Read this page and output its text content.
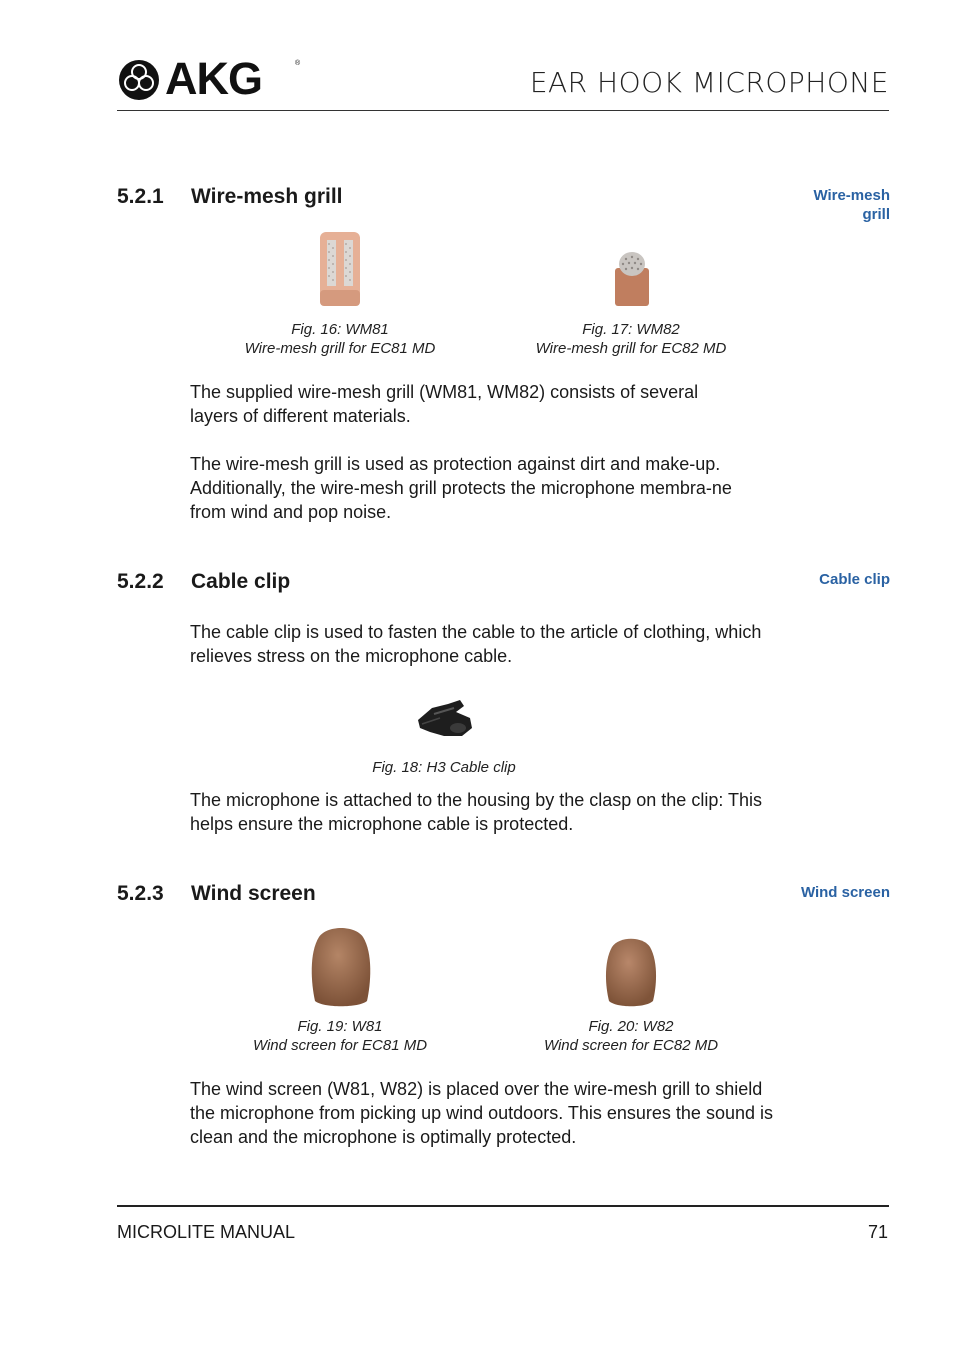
AKG	®
EAR HOOK MICROPHONE
5.2.1 Wire-mesh grill	Wire-mesh
grill
Fig. 16: WM81
Wire-mesh grill for EC81 MD
Fig. 17: WM82
Wire-mesh grill for EC82 MD
The supplied wire-mesh grill (WM81, WM82) consists of several layers of different materials.
The wire-mesh grill is used as protection against dirt and make-up. Additionally, the wire-mesh grill protects the microphone membra-ne from wind and pop noise.
5.2.2 Cable clip	Cable clip
The cable clip is used to fasten the cable to the article of clothing, which relieves stress on the microphone cable.
Fig. 18: H3 Cable clip
The microphone is attached to the housing by the clasp on the clip: This helps ensure the microphone cable is protected.
5.2.3 Wind screen	Wind screen
Fig. 19: W81
Wind screen for EC81 MD
Fig. 20: W82
Wind screen for EC82 MD
The wind screen (W81, W82) is placed over the wire-mesh grill to shield the microphone from picking up wind outdoors. This ensures the sound is clean and the microphone is optimally protected.
MICROLITE MANUAL	71
